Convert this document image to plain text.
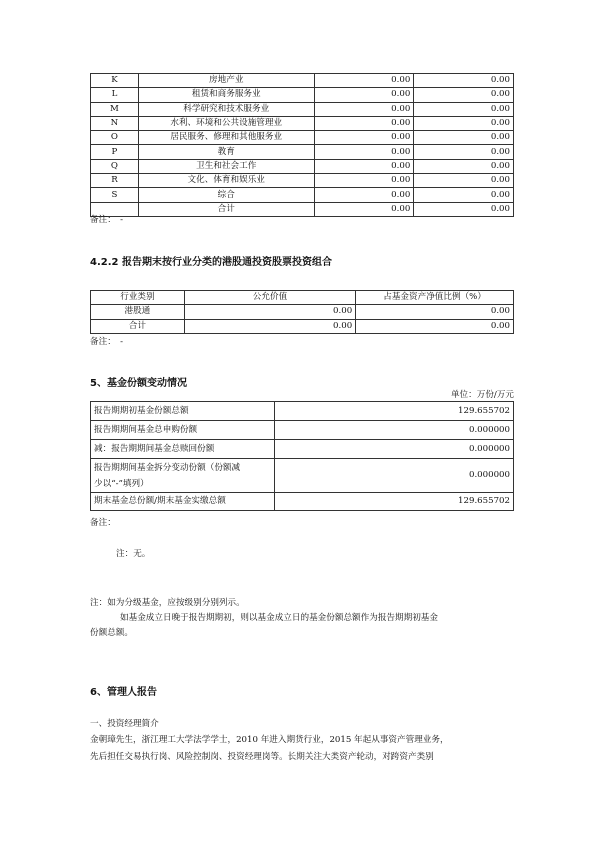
K	房地产业	0.00	0.00
L	租赁和商务服务业	0.00	0.00
M	科学研究和技术服务业	0.00	0.00
N	水利、环境和公共设施管理业	0.00	0.00
O	居民服务、修理和其他服务业	0.00	0.00
P	教育	0.00	0.00
Q	卫生和社会工作	0.00	0.00
R	文化、体育和娱乐业	0.00	0.00
S	综合	0.00	0.00
	合计	0.00	0.00
备注：　-
4.2.2 报告期末按行业分类的港股通投资股票投资组合
行业类别	公允价值	占基金资产净值比例（%）
港股通	0.00	0.00
合计	0.00	0.00
备注：　-
5、基金份额变动情况
单位：万份/万元
报告期期初基金份额总额	129.655702
报告期期间基金总申购份额	0.000000
减：报告期期间基金总赎回份额	0.000000

报告期期间基金拆分变动份额（份额减
少以“-”填列）	0.000000
期末基金总份额/期末基金实缴总额	129.655702
备注：
注：无。
注：如为分级基金，应按级别分别列示。
如基金成立日晚于报告期期初，则以基金成立日的基金份额总额作为报告期期初基金
份额总额。
6、管理人报告
一、投资经理简介
金朝璋先生，浙江理工大学法学学士，2010 年进入期货行业，2015 年起从事资产管理业务，
先后担任交易执行岗、风险控制岗、投资经理岗等。长期关注大类资产轮动，对跨资产类别
